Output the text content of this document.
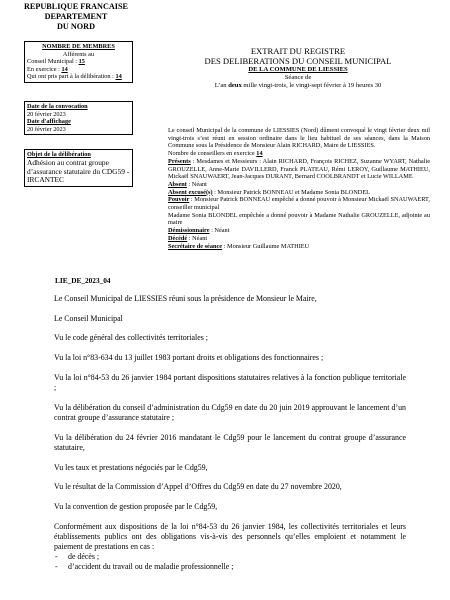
REPUBLIQUE FRANCAISE
DEPARTEMENT
DU NORD
NOMBRE DE MEMBRES
Afférents au
Conseil Municipal : 15
En exercice : 14
Qui ont pris part à la délibération : 14
Date de la convocation
20 février 2023
Date d'affichage
20 février 2023
Objet de la délibération
Adhésion au contrat groupe d’assurance statutaire du CDG59 - IRCANTEC
EXTRAIT DU REGISTRE
DES DELIBERATIONS DU CONSEIL MUNICIPAL
DE LA COMMUNE DE LIESSIES
Séance de
L’an deux mille vingt-trois, le vingt-sept février à 19 heures 30

Le conseil Municipal de la commune de LIESSIES (Nord) dûment convoqué le vingt février deux mil vingt-trois s’est réuni en session ordinaire dans le lieu habituel de ses séances, dans la Maison Commune sous la Présidence de Monsieur Alain RICHARD, Maire de LIESSIES.

Nombre de conseillers en exercice 14

Présents : Mesdames et Messieurs : Alain RICHARD, François RICHEZ, Suzanne WYART, Nathalie GROUZELLE, Anne-Marie DAVILLERD, Franck PLATEAU, Rémi LEROY, Guillaume MATHIEU, Mickaël SNAUWAERT, Jean-Jacques DURANT, Bernard COOLBRANDT et Lucie WILLAME

Absent : Néant

Absent excusé(s) : Monsieur Patrick BONNEAU et Madame Sonia BLONDEL

Pouvoir : Monsieur Patrick BONNEAU empêché a donné pouvoir à Monsieur Mickaël SNAUWAERT, conseiller municipal

Madame Sonia BLONDEL empêchée a donné pouvoir à Madame Nathalie GROUZELLE, adjointe au maire

Démissionnaire : Néant

Décédé : Néant

Secrétaire de séance : Monsieur Guillaume MATHIEU

LIE_DE_2023_04

Le Conseil Municipal de LIESSIES réuni sous la présidence de Monsieur le Maire,

Le Conseil Municipal

Vu le code général des collectivités territoriales ;

Vu la loi n°83-634 du 13 juillet 1983 portant droits et obligations des fonctionnaires ;

Vu la loi n°84-53 du 26 janvier 1984 portant dispositions statutaires relatives à la fonction publique territoriale ;

Vu la délibération du conseil d’administration du Cdg59 en date du 20 juin 2019 approuvant le lancement d’un contrat groupe d’assurance statutaire ;

Vu la délibération du 24 février 2016 mandatant le Cdg59 pour le lancement du contrat groupe d’assurance statutaire,

Vu les taux et prestations négociés par le Cdg59,

Vu le résultat de la Commission d’Appel d’Offres du Cdg59 en date du 27 novembre 2020,

Vu la convention de gestion proposée par le Cdg59,

Conformément aux dispositions de la loi n°84-53 du 26 janvier 1984, les collectivités territoriales et leurs établissements publics ont des obligations vis-à-vis des personnels qu’elles emploient et notamment le paiement de prestations en cas :

- de décès ;
- d’accident du travail ou de maladie professionnelle ;
